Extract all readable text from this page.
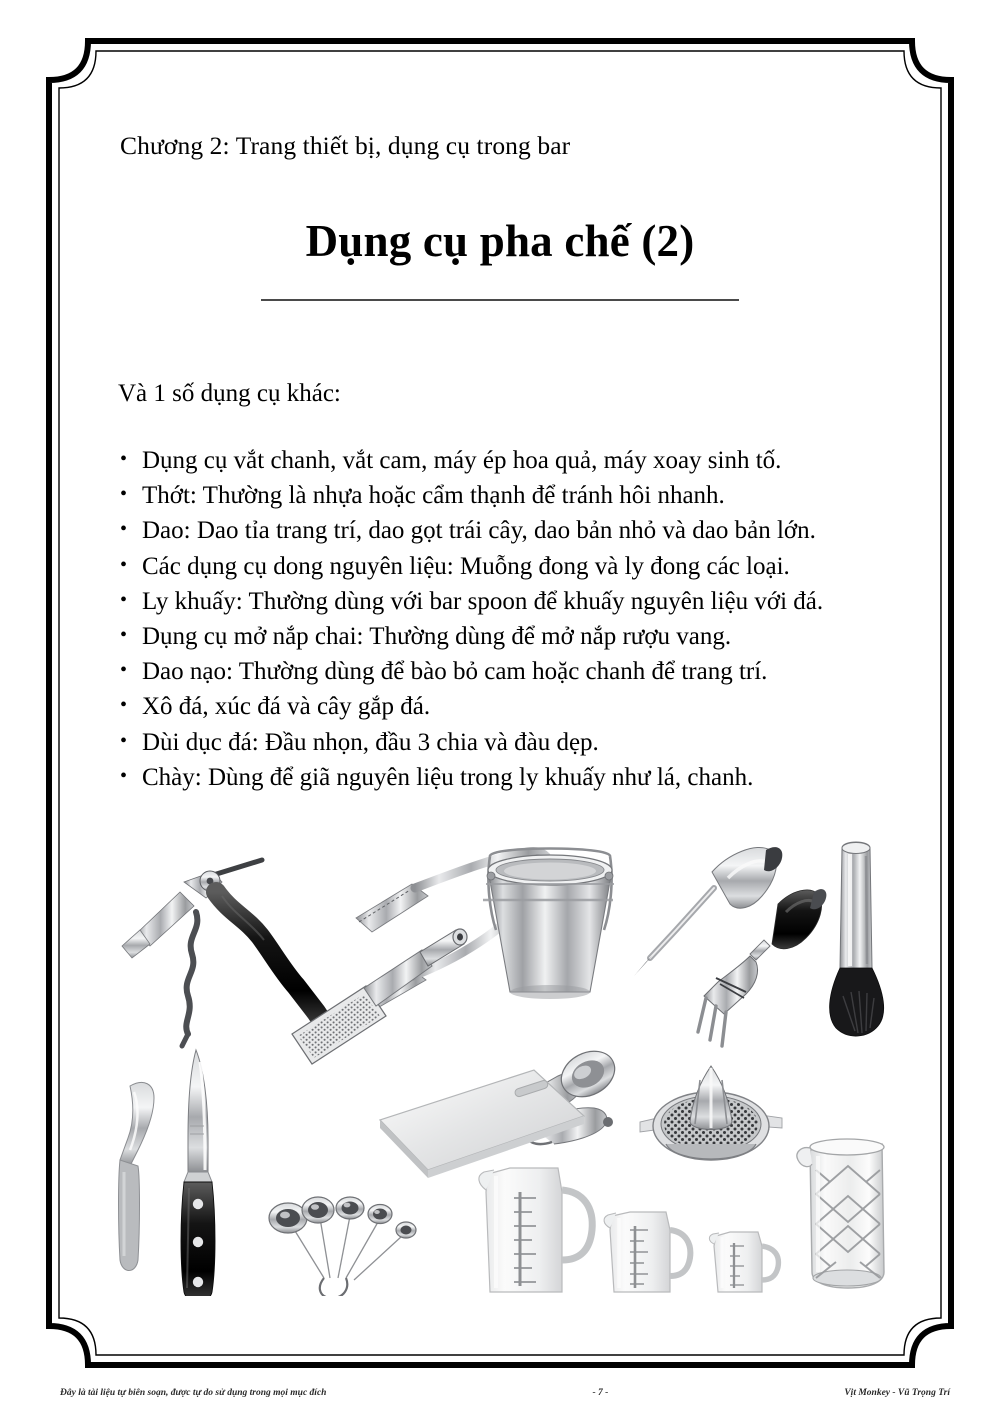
Chương 2: Trang thiết bị, dụng cụ trong bar
Dụng cụ pha chế (2)
Và 1 số dụng cụ khác:
• Dụng cụ vắt chanh, vắt cam, máy ép hoa quả, máy xoay sinh tố.
• Thớt: Thường là nhựa hoặc cẩm thạnh để tránh hôi nhanh.
• Dao: Dao tỉa trang trí, dao gọt trái cây, dao bản nhỏ và dao bản lớn.
• Các dụng cụ dong nguyên liệu: Muỗng đong và ly đong các loại.
• Ly khuấy: Thường dùng với bar spoon để khuấy nguyên liệu với đá.
• Dụng cụ mở nắp chai: Thường dùng để mở nắp rượu vang.
• Dao nạo: Thường dùng để bào bỏ cam hoặc chanh để trang trí.
• Xô đá, xúc đá và cây gắp đá.
• Dùi dục đá: Đầu nhọn, đầu 3 chia và đàu dẹp.
• Chày: Dùng để giã nguyên liệu trong ly khuấy như lá, chanh.
Đây là tài liệu tự biên soạn, được tự do sử dụng trong mọi mục đích	- 7 -	Vịt Monkey - Vũ Trọng Trí
